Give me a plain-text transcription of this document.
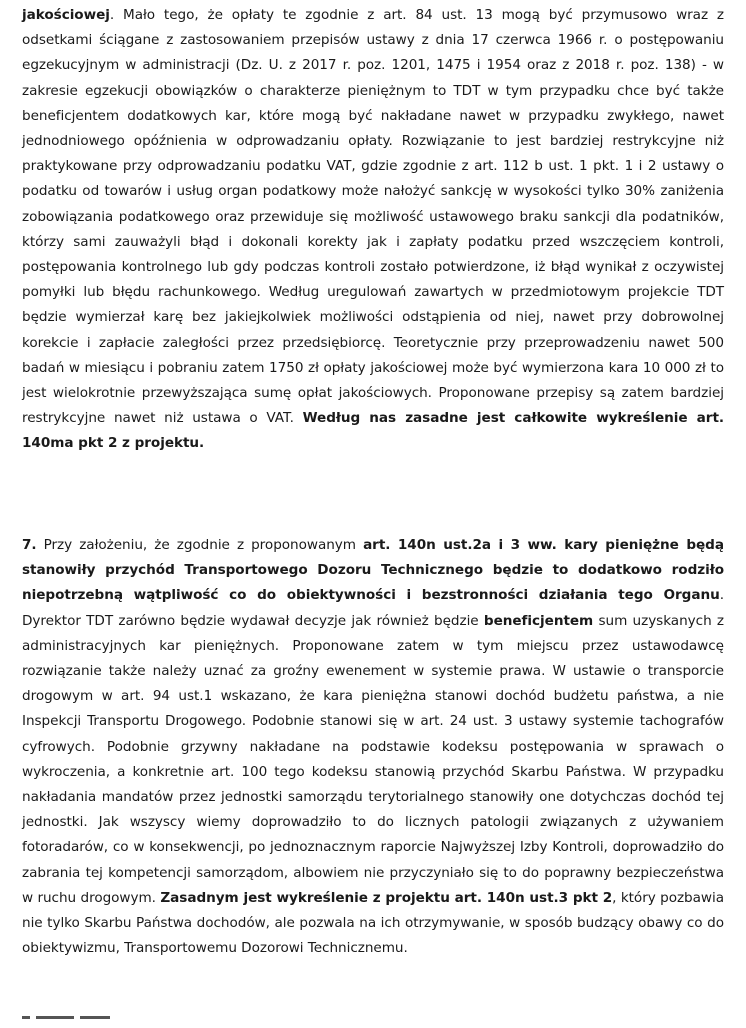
jakościowej. Mało tego, że opłaty te zgodnie z art. 84 ust. 13 mogą być przymusowo wraz z odsetkami ściągane z zastosowaniem przepisów ustawy z dnia 17 czerwca 1966 r. o postępowaniu egzekucyjnym w administracji (Dz. U. z 2017 r. poz. 1201, 1475 i 1954 oraz z 2018 r. poz. 138) - w zakresie egzekucji obowiązków o charakterze pieniężnym to TDT w tym przypadku chce być także beneficjentem dodatkowych kar, które mogą być nakładane nawet w przypadku zwykłego, nawet jednodniowego opóźnienia w odprowadzaniu opłaty. Rozwiązanie to jest bardziej restrykcyjne niż praktykowane przy odprowadzaniu podatku VAT, gdzie zgodnie z art. 112 b ust. 1 pkt. 1 i 2 ustawy o podatku od towarów i usług organ podatkowy może nałożyć sankcję w wysokości tylko 30% zaniżenia zobowiązania podatkowego oraz przewiduje się możliwość ustawowego braku sankcji dla podatników, którzy sami zauważyli błąd i dokonali korekty jak i zapłaty podatku przed wszczęciem kontroli, postępowania kontrolnego lub gdy podczas kontroli zostało potwierdzone, iż błąd wynikał z oczywistej pomyłki lub błędu rachunkowego. Według uregulowań zawartych w przedmiotowym projekcie TDT będzie wymierzał karę bez jakiejkolwiek możliwości odstąpienia od niej, nawet przy dobrowolnej korekcie i zapłacie zaległości przez przedsiębiorcę. Teoretycznie przy przeprowadzeniu nawet 500 badań w miesiącu i pobraniu zatem 1750 zł opłaty jakościowej może być wymierzona kara 10 000 zł to jest wielokrotnie przewyższająca sumę opłat jakościowych. Proponowane przepisy są zatem bardziej restrykcyjne nawet niż ustawa o VAT. Według nas zasadne jest całkowite wykreślenie art. 140ma pkt 2 z projektu.
7. Przy założeniu, że zgodnie z proponowanym art. 140n ust.2a i 3 ww. kary pieniężne będą stanowiły przychód Transportowego Dozoru Technicznego będzie to dodatkowo rodziło niepotrzebną wątpliwość co do obiektywności i bezstronności działania tego Organu. Dyrektor TDT zarówno będzie wydawał decyzje jak również będzie beneficjentem sum uzyskanych z administracyjnych kar pieniężnych. Proponowane zatem w tym miejscu przez ustawodawcę rozwiązanie także należy uznać za groźny ewenement w systemie prawa. W ustawie o transporcie drogowym w art. 94 ust.1 wskazano, że kara pieniężna stanowi dochód budżetu państwa, a nie Inspekcji Transportu Drogowego. Podobnie stanowi się w art. 24 ust. 3 ustawy systemie tachografów cyfrowych. Podobnie grzywny nakładane na podstawie kodeksu postępowania w sprawach o wykroczenia, a konkretnie art. 100 tego kodeksu stanowią przychód Skarbu Państwa. W przypadku nakładania mandatów przez jednostki samorządu terytorialnego stanowiły one dotychczas dochód tej jednostki. Jak wszyscy wiemy doprowadziło to do licznych patologii związanych z używaniem fotoradarów, co w konsekwencji, po jednoznacznym raporcie Najwyższej Izby Kontroli, doprowadziło do zabrania tej kompetencji samorządom, albowiem nie przyczyniało się to do poprawny bezpieczeństwa w ruchu drogowym. Zasadnym jest wykreślenie z projektu art. 140n ust.3 pkt 2, który pozbawia nie tylko Skarbu Państwa dochodów, ale pozwala na ich otrzymywanie, w sposób budzący obawy co do obiektywizmu, Transportowemu Dozorowi Technicznemu.
